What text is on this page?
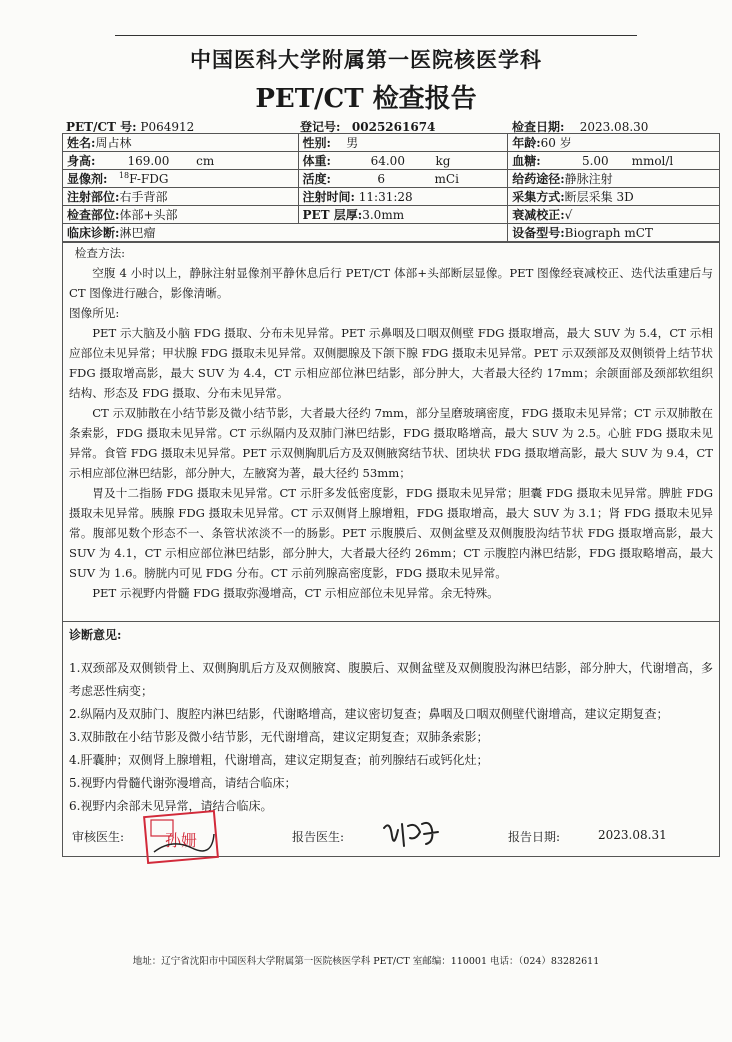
中国医科大学附属第一医院核医学科
PET/CT 检查报告
PET/CT 号: P064912	登记号: 0025261674	检查日期: 2023.08.30
姓名:周占林	性别: 男	年龄:60 岁
身高: 169.00 cm	体重: 64.00 kg	血糖: 5.00 mmol/l
显像剂: $^{18}$F-FDG	活度: 6 mCi	给药途径:静脉注射
注射部位:右手背部	注射时间: 11:31:28	采集方式:断层采集 3D
检查部位:体部+头部	PET 层厚:3.0mm	衰减校正:√
临床诊断:淋巴瘤		设备型号:Biograph mCT

检查方法:

空腹 4 小时以上，静脉注射显像剂平静休息后行 PET/CT 体部+头部断层显像。PET 图像经衰减校正、迭代法重建后与 CT 图像进行融合，影像清晰。

图像所见:

PET 示大脑及小脑 FDG 摄取、分布未见异常。PET 示鼻咽及口咽双侧壁 FDG 摄取增高，最大 SUV 为 5.4，CT 示相应部位未见异常；甲状腺 FDG 摄取未见异常。双侧腮腺及下颌下腺 FDG 摄取未见异常。PET 示双颈部及双侧锁骨上结节状 FDG 摄取增高影，最大 SUV 为 4.4，CT 示相应部位淋巴结影，部分肿大，大者最大径约 17mm；余颌面部及颈部软组织结构、形态及 FDG 摄取、分布未见异常。

CT 示双肺散在小结节影及微小结节影，大者最大径约 7mm，部分呈磨玻璃密度，FDG 摄取未见异常；CT 示双肺散在条索影，FDG 摄取未见异常。CT 示纵隔内及双肺门淋巴结影，FDG 摄取略增高，最大 SUV 为 2.5。心脏 FDG 摄取未见异常。食管 FDG 摄取未见异常。PET 示双侧胸肌后方及双侧腋窝结节状、团块状 FDG 摄取增高影，最大 SUV 为 9.4，CT 示相应部位淋巴结影，部分肿大，左腋窝为著，最大径约 53mm；

胃及十二指肠 FDG 摄取未见异常。CT 示肝多发低密度影，FDG 摄取未见异常；胆囊 FDG 摄取未见异常。脾脏 FDG 摄取未见异常。胰腺 FDG 摄取未见异常。CT 示双侧肾上腺增粗，FDG 摄取增高，最大 SUV 为 3.1；肾 FDG 摄取未见异常。腹部见数个形态不一、条管状浓淡不一的肠影。PET 示腹膜后、双侧盆壁及双侧腹股沟结节状 FDG 摄取增高影，最大 SUV 为 4.1，CT 示相应部位淋巴结影，部分肿大，大者最大径约 26mm；CT 示腹腔内淋巴结影，FDG 摄取略增高，最大 SUV 为 1.6。膀胱内可见 FDG 分布。CT 示前列腺高密度影，FDG 摄取未见异常。

PET 示视野内骨髓 FDG 摄取弥漫增高，CT 示相应部位未见异常。余无特殊。

诊断意见:

1.双颈部及双侧锁骨上、双侧胸肌后方及双侧腋窝、腹膜后、双侧盆壁及双侧腹股沟淋巴结影，部分肿大，代谢增高，多考虑恶性病变；

2.纵隔内及双肺门、腹腔内淋巴结影，代谢略增高，建议密切复查；鼻咽及口咽双侧壁代谢增高，建议定期复查；

3.双肺散在小结节影及微小结节影，无代谢增高，建议定期复查；双肺条索影；

4.肝囊肿；双侧肾上腺增粗，代谢增高，建议定期复查；前列腺结石或钙化灶；

5.视野内骨髓代谢弥漫增高，请结合临床；

6.视野内余部未见异常，请结合临床。

审核医生:	孙姗	报告医生:	报告日期:	2023.08.31
地址：辽宁省沈阳市中国医科大学附属第一医院核医学科 PET/CT 室邮编：110001 电话：（024）83282611
